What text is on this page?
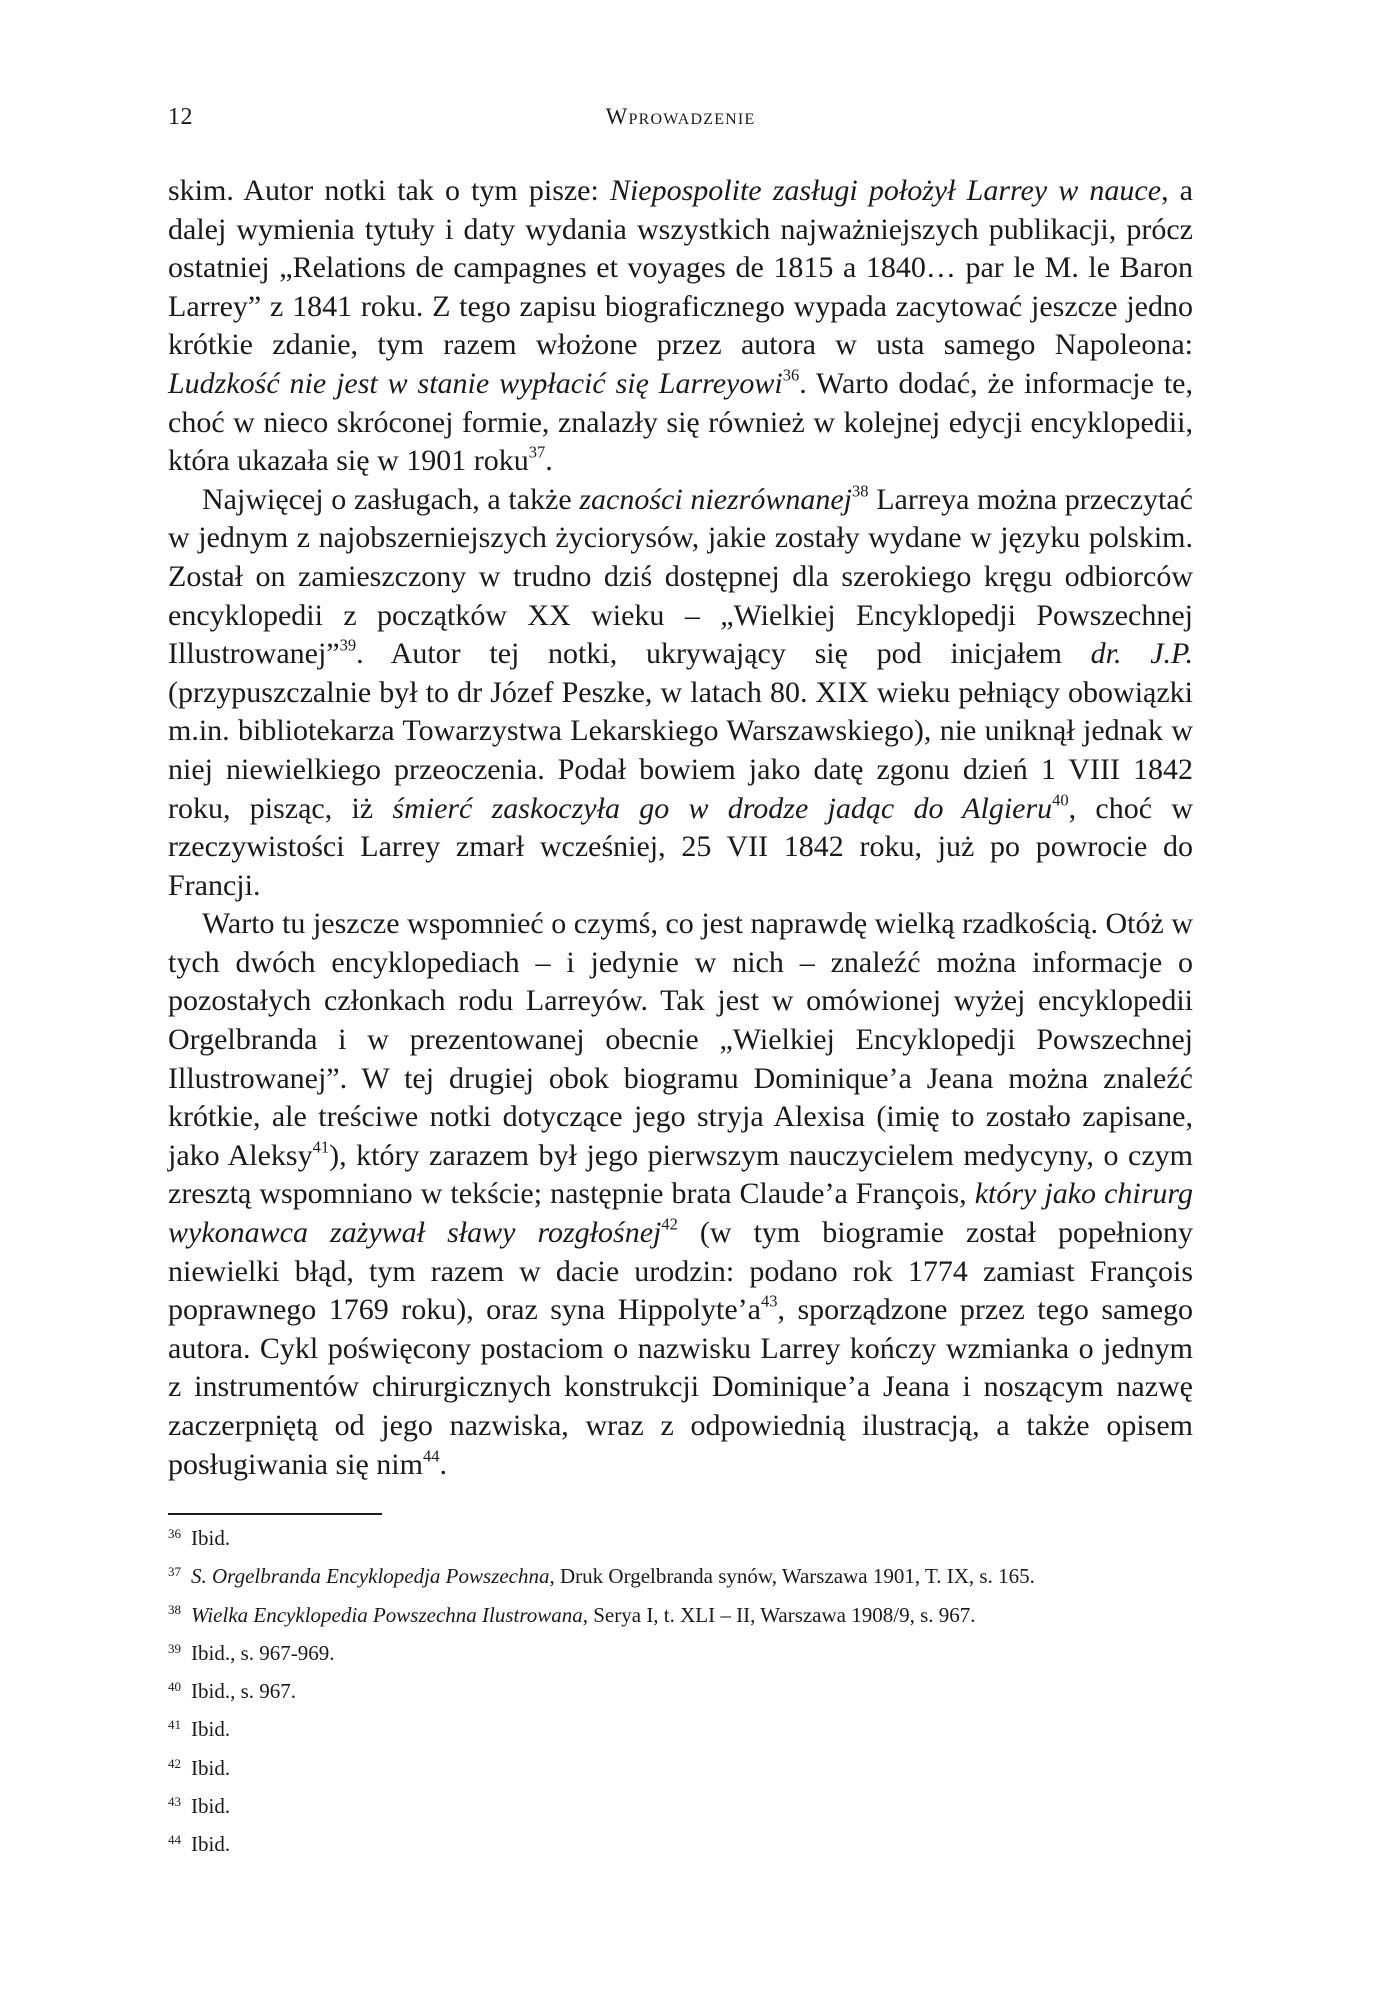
12	Wprowadzenie

skim. Autor notki tak o tym pisze: Niepospolite zasługi położył Larrey w nauce, a dalej wymienia tytuły i daty wydania wszystkich najważniejszych publikacji, prócz ostatniej „Relations de campagnes et voyages de 1815 a 1840… par le M. le Baron Larrey” z 1841 roku. Z tego zapisu biograficznego wypada zacytować jeszcze jedno krótkie zdanie, tym razem włożone przez autora w usta samego Napoleona: Ludzkość nie jest w stanie wypłacić się Larreyowi$^{36}$. Warto dodać, że informacje te, choć w nieco skróconej formie, znalazły się również w kolejnej edycji encyklopedii, która ukazała się w 1901 roku$^{37}$.

Najwięcej o zasługach, a także zacności niezrównanej$^{38}$ Larreya można przeczytać w jednym z najobszerniejszych życiorysów, jakie zostały wydane w języku polskim. Został on zamieszczony w trudno dziś dostępnej dla szerokiego kręgu odbiorców encyklopedii z początków XX wieku – „Wielkiej Encyklopedji Powszechnej Illustrowanej”$^{39}$. Autor tej notki, ukrywający się pod inicjałem dr. J.P. (przypuszczalnie był to dr Józef Peszke, w latach 80. XIX wieku pełniący obowiązki m.in. bibliotekarza Towarzystwa Lekarskiego Warszawskiego), nie uniknął jednak w niej niewielkiego przeoczenia. Podał bowiem jako datę zgonu dzień 1 VIII 1842 roku, pisząc, iż śmierć zaskoczyła go w drodze jadąc do Algieru$^{40}$, choć w rzeczywistości Larrey zmarł wcześniej, 25 VII 1842 roku, już po powrocie do Francji.

Warto tu jeszcze wspomnieć o czymś, co jest naprawdę wielką rzadkością. Otóż w tych dwóch encyklopediach – i jedynie w nich – znaleźć można informacje o pozostałych członkach rodu Larreyów. Tak jest w omówionej wyżej encyklopedii Orgelbranda i w prezentowanej obecnie „Wielkiej Encyklopedji Powszechnej Illustrowanej”. W tej drugiej obok biogramu Dominique’a Jeana można znaleźć krótkie, ale treściwe notki dotyczące jego stryja Alexisa (imię to zostało zapisane, jako Aleksy$^{41}$), który zarazem był jego pierwszym nauczycielem medycyny, o czym zresztą wspomniano w tekście; następnie brata Claude’a François, który jako chirurg wykonawca zażywał sławy rozgłośnej$^{42}$ (w tym biogramie został popełniony niewielki błąd, tym razem w dacie urodzin: podano rok 1774 zamiast François poprawnego 1769 roku), oraz syna $Hippolyte’a^{43}$, sporządzone przez tego samego autora. Cykl poświęcony postaciom o nazwisku Larrey kończy wzmianka o jednym z instrumentów chirurgicznych konstrukcji Dominique’a Jeana i noszącym nazwę zaczerpniętą od jego nazwiska, wraz z odpowiednią ilustracją, a także opisem posługiwania się nim$^{44}$.

$^{36}$ Ibid.
$^{37}$ S. Orgelbranda Encyklopedja Powszechna, Druk Orgelbranda synów, Warszawa 1901, T. IX, s. 165.
$^{38}$ Wielka Encyklopedia Powszechna Ilustrowana, Serya I, t. XLI – II, Warszawa 1908/9, s. 967.
$^{39}$ Ibid., s. 967-969.
$^{40}$ Ibid., s. 967.
$^{41}$ Ibid.
$^{42}$ Ibid.
$^{43}$ Ibid.
$^{44}$ Ibid.
